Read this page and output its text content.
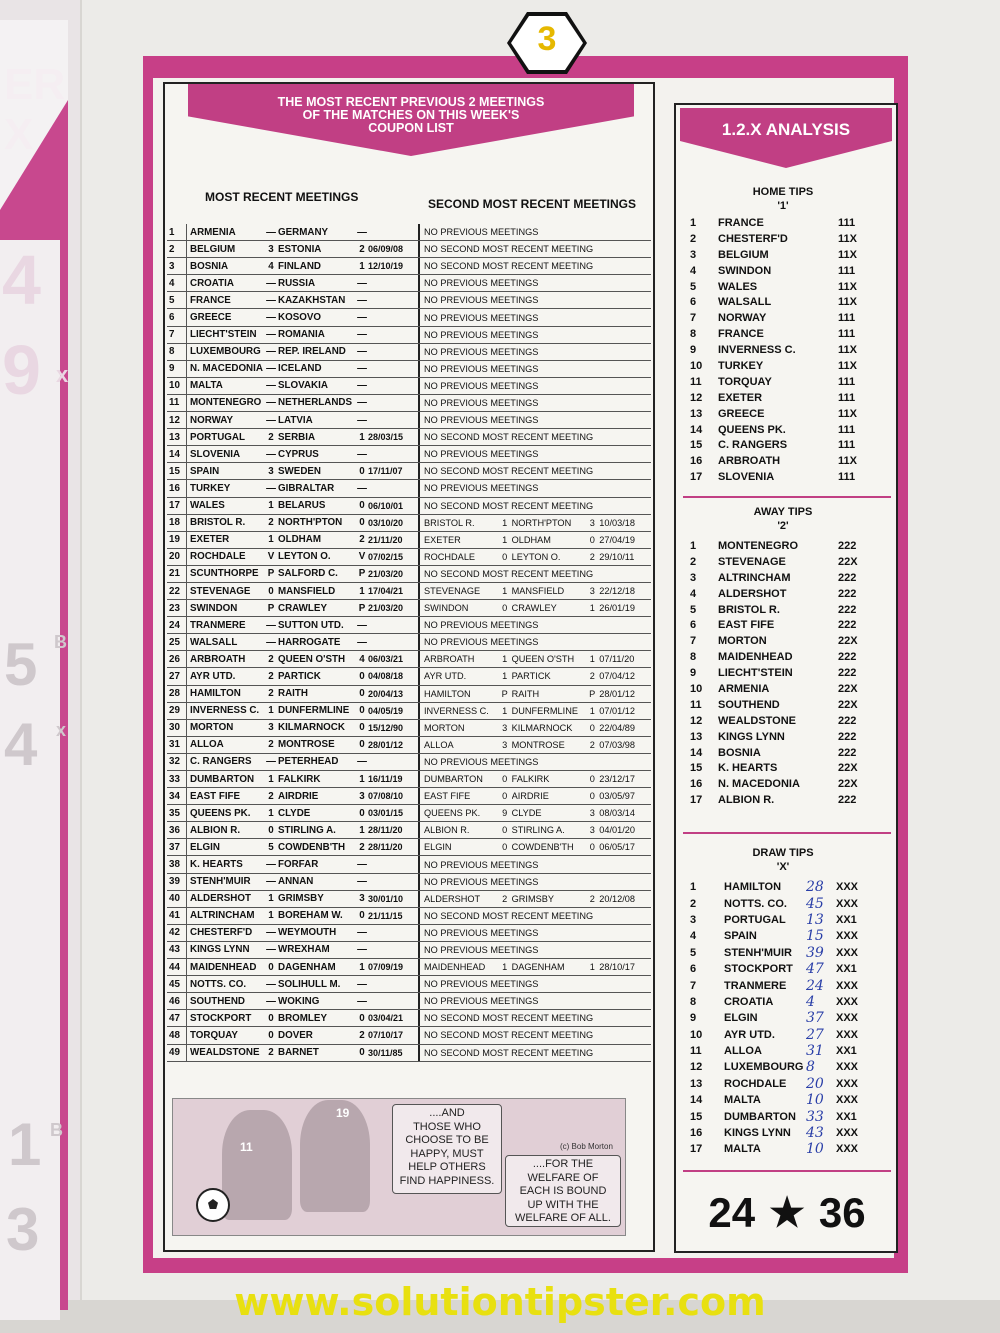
ER
X
4
9 x
5 B
4 x
1 B
3
3
THE MOST RECENT PREVIOUS 2 MEETINGS
OF THE MATCHES ON THIS WEEK'S
COUPON LIST
MOST RECENT MEETINGS	SECOND MOST RECENT MEETINGS
1	ARMENIA	— GERMANY	—	NO PREVIOUS MEETINGS
2	BELGIUM	3 ESTONIA	2 06/09/08	NO SECOND MOST RECENT MEETING
3	BOSNIA	4 FINLAND	1 12/10/19	NO SECOND MOST RECENT MEETING
4	CROATIA	— RUSSIA	—	NO PREVIOUS MEETINGS
5	FRANCE	— KAZAKHSTAN	—	NO PREVIOUS MEETINGS
6	GREECE	— KOSOVO	—	NO PREVIOUS MEETINGS
7	LIECHT'STEIN — ROMANIA	—	NO PREVIOUS MEETINGS
8	LUXEMBOURG — REP. IRELAND	—	NO PREVIOUS MEETINGS
9	N. MACEDONIA — ICELAND	—	NO PREVIOUS MEETINGS
10	MALTA	— SLOVAKIA	—	NO PREVIOUS MEETINGS
11	MONTENEGRO — NETHERLANDS —	NO PREVIOUS MEETINGS
12	NORWAY	— LATVIA	—	NO PREVIOUS MEETINGS
13	PORTUGAL	2 SERBIA	1 28/03/15	NO SECOND MOST RECENT MEETING
14	SLOVENIA	— CYPRUS	—	NO PREVIOUS MEETINGS
15	SPAIN	3 SWEDEN	0 17/11/07	NO SECOND MOST RECENT MEETING
16	TURKEY	— GIBRALTAR	—	NO PREVIOUS MEETINGS
17	WALES	1 BELARUS	0 06/10/01	NO SECOND MOST RECENT MEETING
18	BRISTOL R.	2 NORTH'PTON	0 03/10/20	BRISTOL R.	1 NORTH'PTON	3 10/03/18
19	EXETER	1 OLDHAM	2 21/11/20	EXETER	1 OLDHAM	0 27/04/19
20	ROCHDALE	V LEYTON O.	V 07/02/15	ROCHDALE	0 LEYTON O.	2 29/10/11
21	SCUNTHORPE P SALFORD C.	P 21/03/20	NO SECOND MOST RECENT MEETING
22	STEVENAGE	0 MANSFIELD	1 17/04/21	STEVENAGE	1 MANSFIELD	3 22/12/18
23	SWINDON	P CRAWLEY	P 21/03/20	SWINDON	0 CRAWLEY	1 26/01/19
24	TRANMERE	— SUTTON UTD.	—	NO PREVIOUS MEETINGS
25	WALSALL	— HARROGATE	—	NO PREVIOUS MEETINGS
26	ARBROATH	2 QUEEN O'STH	4 06/03/21	ARBROATH	1 QUEEN O'STH	1 07/11/20
27	AYR UTD.	2 PARTICK	0 04/08/18	AYR UTD.	1 PARTICK	2 07/04/12
28	HAMILTON	2 RAITH	0 20/04/13	HAMILTON	P RAITH	P 28/01/12
29	INVERNESS C. 1 DUNFERMLINE	0 04/05/19	INVERNESS C.	1 DUNFERMLINE	1 07/01/12
30	MORTON	3 KILMARNOCK	0 15/12/90	MORTON	3 KILMARNOCK	0 22/04/89
31	ALLOA	2 MONTROSE	0 28/01/12	ALLOA	3 MONTROSE	2 07/03/98
32	C. RANGERS	— PETERHEAD	—	NO PREVIOUS MEETINGS
33	DUMBARTON	1 FALKIRK	1 16/11/19	DUMBARTON	0 FALKIRK	0 23/12/17
34	EAST FIFE	2 AIRDRIE	3 07/08/10	EAST FIFE	0 AIRDRIE	0 03/05/97
35	QUEENS PK.	1 CLYDE	0 03/01/15	QUEENS PK.	9 CLYDE	3 08/03/14
36	ALBION R.	0 STIRLING A.	1 28/11/20	ALBION R.	0 STIRLING A.	3 04/01/20
37	ELGIN	5 COWDENB'TH	2 28/11/20	ELGIN	0 COWDENB'TH	0 06/05/17
38	K. HEARTS	— FORFAR	—	NO PREVIOUS MEETINGS
39	STENH'MUIR	— ANNAN	—	NO PREVIOUS MEETINGS
40	ALDERSHOT	1 GRIMSBY	3 30/01/10	ALDERSHOT	2 GRIMSBY	2 20/12/08
41	ALTRINCHAM	1 BOREHAM W.	0 21/11/15	NO SECOND MOST RECENT MEETING
42	CHESTERF'D	— WEYMOUTH	—	NO PREVIOUS MEETINGS
43	KINGS LYNN	— WREXHAM	—	NO PREVIOUS MEETINGS
44	MAIDENHEAD	0 DAGENHAM	1 07/09/19	MAIDENHEAD	1 DAGENHAM	1 28/10/17
45	NOTTS. CO.	— SOLIHULL M.	—	NO PREVIOUS MEETINGS
46	SOUTHEND	— WOKING	—	NO PREVIOUS MEETINGS
47	STOCKPORT	0 BROMLEY	0 03/04/21	NO SECOND MOST RECENT MEETING
48	TORQUAY	0 DOVER	2 07/10/17	NO SECOND MOST RECENT MEETING
49	WEALDSTONE 2 BARNET	0 30/11/85	NO SECOND MOST RECENT MEETING
11
19	....AND
THOSE WHO
CHOOSE TO BE
HAPPY, MUST
HELP OTHERS
FIND HAPPINESS.
(c) Bob Morton
....FOR THE
WELFARE OF
EACH IS BOUND
UP WITH THE
WELFARE OF ALL.
1.2.X ANALYSIS
HOME TIPS
'1'
1	FRANCE	111
2	CHESTERF'D	11X
3	BELGIUM	11X
4	SWINDON	111
5	WALES	11X
6	WALSALL	11X
7	NORWAY	111
8	FRANCE	111
9	INVERNESS C.	11X
10	TURKEY	11X
11	TORQUAY	111
12	EXETER	111
13	GREECE	11X
14	QUEENS PK.	111
15	C. RANGERS	111
16	ARBROATH	11X
17	SLOVENIA	111
AWAY TIPS
'2'
1	MONTENEGRO	222
2	STEVENAGE	22X
3	ALTRINCHAM	222
4	ALDERSHOT	222
5	BRISTOL R.	222
6	EAST FIFE	222
7	MORTON	22X
8	MAIDENHEAD	222
9	LIECHT'STEIN	222
10	ARMENIA	22X
11	SOUTHEND	22X
12	WEALDSTONE	222
13	KINGS LYNN	222
14	BOSNIA	222
15	K. HEARTS	22X
16	N. MACEDONIA	22X
17	ALBION R.	222
DRAW TIPS
'X'
1	HAMILTON	28	XXX
2	NOTTS. CO.	45	XXX
3	PORTUGAL	13	XX1
4	SPAIN	15	XXX
5	STENH'MUIR 39	XXX
6	STOCKPORT 47	XX1
7	TRANMERE	24	XXX
8	CROATIA	4	XXX
9	ELGIN	37	XXX
10	AYR UTD.	27	XXX
11	ALLOA	31	XX1
12	LUXEMBOURG 8	XXX
13	ROCHDALE	20	XXX
14	MALTA	10	XXX
15	DUMBARTON 33	XX1
16	KINGS LYNN	43	XXX
17	MALTA	10	XXX
24 ★ 36
www.solutiontipster.com
